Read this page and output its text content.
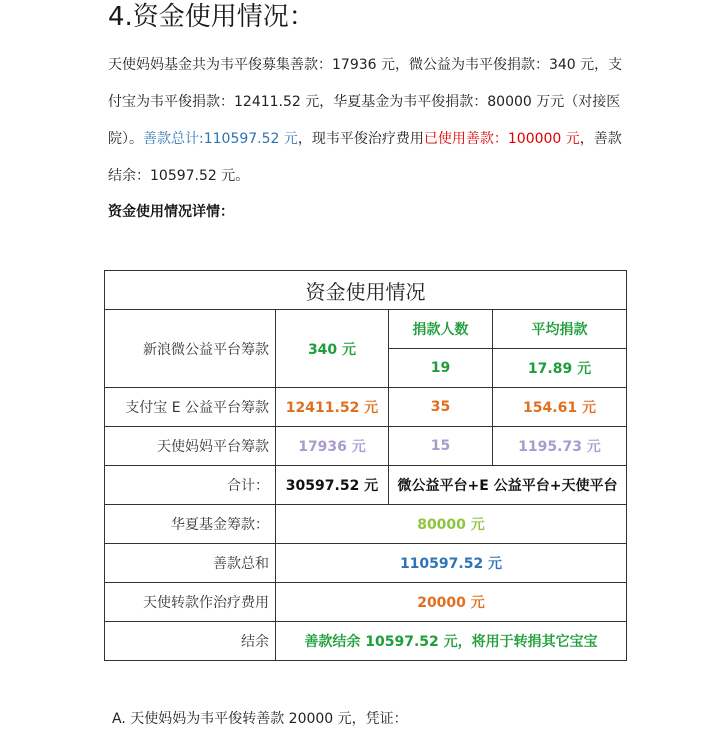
4.资金使用情况：
天使妈妈基金共为韦平俊募集善款：17936 元，微公益为韦平俊捐款：340 元，支付宝为韦平俊捐款：12411.52 元，华夏基金为韦平俊捐款：80000 万元（对接医院）。善款总计:110597.52 元，现韦平俊治疗费用已使用善款：100000 元，善款结余：10597.52 元。
资金使用情况详情：
资金使用情况			
新浪微公益平台筹款	340 元	捐款人数	平均捐款
		19	17.89 元
支付宝 E 公益平台筹款	12411.52 元	35	154.61 元
天使妈妈平台筹款	17936 元	15	1195.73 元
合计：	30597.52 元	微公益平台+E 公益平台+天使平台	
华夏基金筹款：	80000 元		
善款总和	110597.52 元		
天使转款作治疗费用	20000 元		
结余	善款结余 10597.52 元，将用于转捐其它宝宝		
A. 天使妈妈为韦平俊转善款 20000 元，凭证：
